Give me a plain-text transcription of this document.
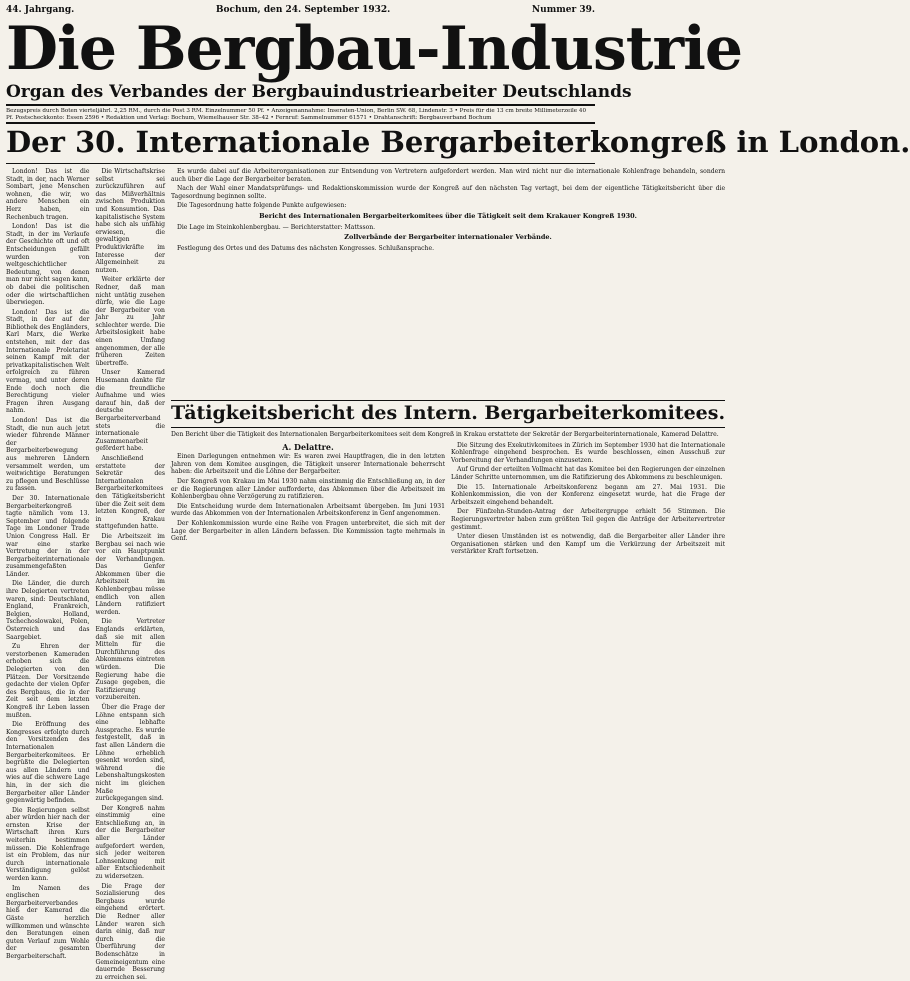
44. Jahrgang.	Bochum, den 24. September 1932.	Nummer 39.
Die Bergbau-Industrie
Organ des Verbandes der Bergbauindustriearbeiter Deutschlands
Bezugspreis durch Boten vierteljährl. 2,25 RM., durch die Post 3 RM. Einzelnummer 50 Pf. • Anzeigenannahme: Inseraten-Union, Berlin SW. 68, Lindenstr. 3 • Preis für die 13 cm breite Millimeterzeile 40 Pf. Postscheckkonto: Essen 2596 • Redaktion und Verlag: Bochum, Wiemelhauser Str. 38–42 • Fernruf: Sammelnummer 61571 • Drahtanschrift: Bergbauverband Bochum
Der 30. Internationale Bergarbeiterkongreß in London.

London! Das ist die Stadt, in der, nach Werner Sombart, jene Menschen wohnen, die wir, wo andere Menschen ein Herz haben, ein Rechenbuch tragen.

London! Das ist die Stadt, in der im Verlaufe der Geschichte oft und oft Entscheidungen gefällt wurden von weltgeschichtlicher Bedeutung, von denen man nur nicht sagen kann, ob dabei die politischen oder die wirtschaftlichen überwiegen.

London! Das ist die Stadt, in der auf der Bibliothek des Engländers, Karl Marx, die Werke entstehen, mit der das Internationale Proletariat seinen Kampf mit der privatkapitalistischen Welt erfolgreich zu führen vermag, und unter deren Ende doch noch die Berechtigung vieler Fragen ihren Ausgang nahm.

London! Das ist die Stadt, die nun auch jetzt wieder führende Männer der Bergarbeiterbewegung aus mehreren Ländern versammelt werden, um weitwichtige Beratungen zu pflegen und Beschlüsse zu fassen.

Der 30. Internationale Bergarbeiterkongreß tagte nämlich vom 13. September und folgende Tage im Londoner Trade Union Congress Hall. Er war eine starke Vertretung der in der Bergarbeiterinternationale zusammengefaßten Länder.

Die Länder, die durch ihre Delegierten vertreten waren, sind: Deutschland, England, Frankreich, Belgien, Holland, Tschechoslowakei, Polen, Österreich und das Saargebiet.

Zu Ehren der verstorbenen Kameraden erhoben sich die Delegierten von den Plätzen. Der Vorsitzende gedachte der vielen Opfer des Bergbaus, die in der Zeit seit dem letzten Kongreß ihr Leben lassen mußten.

Die Eröffnung des Kongresses erfolgte durch den Vorsitzenden des Internationalen Bergarbeiterkomitees. Er begrüßte die Delegierten aus allen Ländern und wies auf die schwere Lage hin, in der sich die Bergarbeiter aller Länder gegenwärtig befinden.

Die Regierungen selbst aber würden hier nach der ernsten Krise der Wirtschaft ihren Kurs weiterhin bestimmen müssen. Die Kohlenfrage ist ein Problem, das nur durch internationale Verständigung gelöst werden kann.

Im Namen des englischen Bergarbeiterverbandes hieß der Kamerad die Gäste herzlich willkommen und wünschte den Beratungen einen guten Verlauf zum Wohle der gesamten Bergarbeiterschaft.

Die Wirtschaftskrise selbst sei zurückzuführen auf das Mißverhältnis zwischen Produktion und Konsumtion. Das kapitalistische System habe sich als unfähig erwiesen, die gewaltigen Produktivkräfte im Interesse der Allgemeinheit zu nutzen.

Weiter erklärte der Redner, daß man nicht untätig zusehen dürfe, wie die Lage der Bergarbeiter von Jahr zu Jahr schlechter werde. Die Arbeitslosigkeit habe einen Umfang angenommen, der alle früheren Zeiten übertreffe.

Unser Kamerad Husemann dankte für die freundliche Aufnahme und wies darauf hin, daß der deutsche Bergarbeiterverband stets die internationale Zusammenarbeit gefördert habe.

Anschließend erstattete der Sekretär des Internationalen Bergarbeiterkomitees den Tätigkeitsbericht über die Zeit seit dem letzten Kongreß, der in Krakau stattgefunden hatte.

Die Arbeitszeit im Bergbau sei nach wie vor ein Hauptpunkt der Verhandlungen. Das Genfer Abkommen über die Arbeitszeit im Kohlenbergbau müsse endlich von allen Ländern ratifiziert werden.

Die Vertreter Englands erklärten, daß sie mit allen Mitteln für die Durchführung des Abkommens eintreten würden. Die Regierung habe die Zusage gegeben, die Ratifizierung vorzubereiten.

Über die Frage der Löhne entspann sich eine lebhafte Aussprache. Es wurde festgestellt, daß in fast allen Ländern die Löhne erheblich gesenkt worden sind, während die Lebenshaltungskosten nicht im gleichen Maße zurückgegangen sind.

Der Kongreß nahm einstimmig eine Entschließung an, in der die Bergarbeiter aller Länder aufgefordert werden, sich jeder weiteren Lohnsenkung mit aller Entschiedenheit zu widersetzen.

Die Frage der Sozialisierung des Bergbaus wurde eingehend erörtert. Die Redner aller Länder waren sich darin einig, daß nur durch die Überführung der Bodenschätze in Gemeineigentum eine dauernde Besserung zu erreichen sei.

Es wurde dabei auf die Arbeiterorganisationen zur Entsendung von Vertretern aufgefordert werden. Man wird nicht nur die internationale Kohlenfrage behandeln, sondern auch über die Lage der Bergarbeiter beraten.

Nach der Wahl einer Mandatsprüfungs- und Redaktionskommission wurde der Kongreß auf den nächsten Tag vertagt, bei dem der eigentliche Tätigkeitsbericht über die Tagesordnung beginnen sollte.

Die Tagesordnung hatte folgende Punkte aufgewiesen:

Bericht des Internationalen Bergarbeiterkomitees über die Tätigkeit seit dem Krakauer Kongreß 1930.

Die Lage im Steinkohlenbergbau. — Berichterstatter: Mattsson.

Zollverbände der Bergarbeiter internationaler Verbände.

Festlegung des Ortes und des Datums des nächsten Kongresses. Schlußansprache.

Tätigkeitsbericht des Intern. Bergarbeiterkomitees.
Den Bericht über die Tätigkeit des Internationalen Bergarbeiterkomitees seit dem Kongreß in Krakau erstattete der Sekretär der Bergarbeiterinternationale, Kamerad Delattre.

A. Delattre.

Einen Darlegungen entnehmen wir: Es waren zwei Hauptfragen, die in den letzten Jahren von dem Komitee ausgingen, die Tätigkeit unserer Internationale beherrscht haben: die Arbeitszeit und die Löhne der Bergarbeiter.

Der Kongreß von Krakau im Mai 1930 nahm einstimmig die Entschließung an, in der er die Regierungen aller Länder aufforderte, das Abkommen über die Arbeitszeit im Kohlenbergbau ohne Verzögerung zu ratifizieren.

Die Entscheidung wurde dem Internationalen Arbeitsamt übergeben. Im Juni 1931 wurde das Abkommen von der Internationalen Arbeitskonferenz in Genf angenommen.

Der Kohlenkommission wurde eine Reihe von Fragen unterbreitet, die sich mit der Lage der Bergarbeiter in allen Ländern befassen. Die Kommission tagte mehrmals in Genf.

Die Sitzung des Exekutivkomitees in Zürich im September 1930 hat die Internationale Kohlenfrage eingehend besprochen. Es wurde beschlossen, einen Ausschuß zur Vorbereitung der Verhandlungen einzusetzen.

Auf Grund der erteilten Vollmacht hat das Komitee bei den Regierungen der einzelnen Länder Schritte unternommen, um die Ratifizierung des Abkommens zu beschleunigen.

Die 15. Internationale Arbeitskonferenz begann am 27. Mai 1931. Die Kohlenkommission, die von der Konferenz eingesetzt wurde, hat die Frage der Arbeitszeit eingehend behandelt.

Der Fünfzehn-Stunden-Antrag der Arbeitergruppe erhielt 56 Stimmen. Die Regierungsvertreter haben zum größten Teil gegen die Anträge der Arbeitervertreter gestimmt.

Unter diesen Umständen ist es notwendig, daß die Bergarbeiter aller Länder ihre Organisationen stärken und den Kampf um die Verkürzung der Arbeitszeit mit verstärkter Kraft fortsetzen.
